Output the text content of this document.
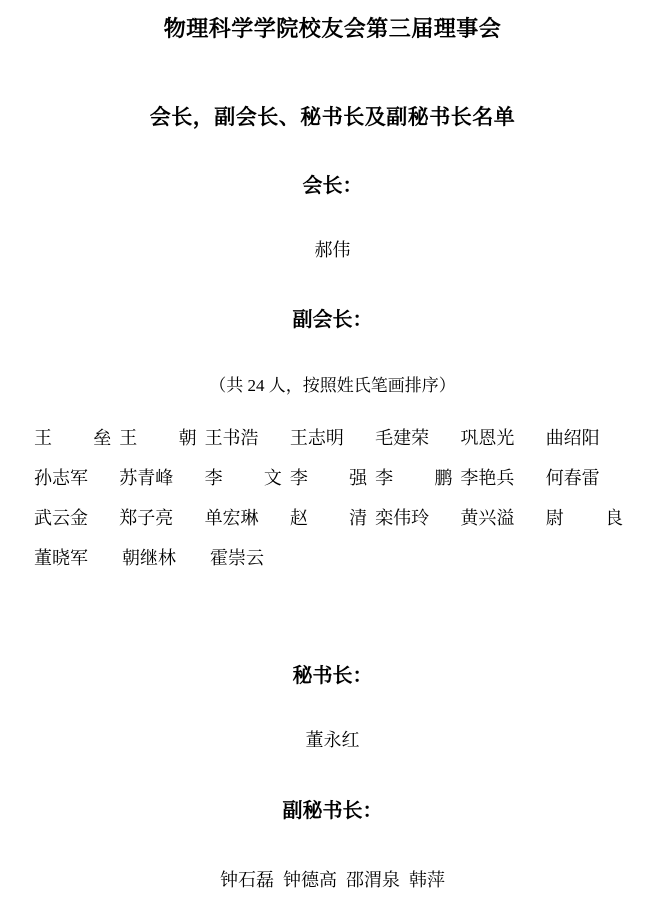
物理科学学院校友会第三届理事会
会长，副会长、秘书长及副秘书长名单
会长：
郝伟
副会长：
（共 24 人，按照姓氏笔画排序）
王 垒 王 朝 王书浩 王志明 毛建荣 巩恩光 曲绍阳
孙志军 苏青峰 李 文 李 强 李 鹏 李艳兵 何春雷
武云金 郑子亮 单宏琳 赵 清 栾伟玲 黄兴溢 尉 良
董晓军 朝继林 霍崇云
秘书长：
董永红
副秘书长：
钟石磊 钟德高 邵渭泉 韩萍
